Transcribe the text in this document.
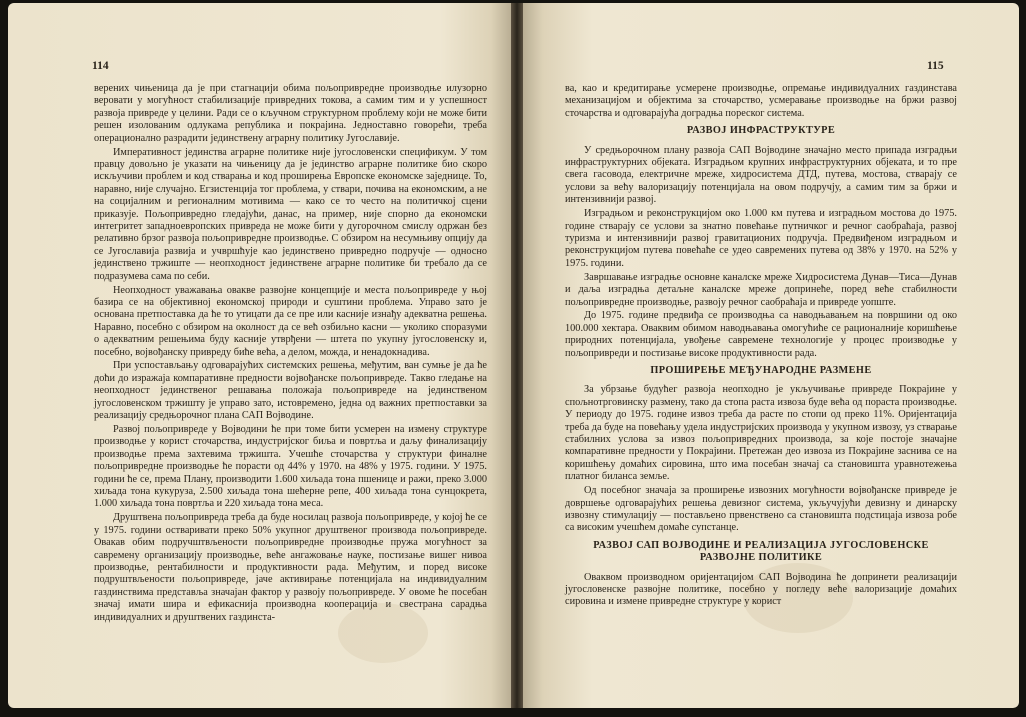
114

верених чињеница да је при стагнацији обима пољопривредне производње илузорно веровати у могућност стабилизације привредних токова, а самим тим и у успешност развоја привреде у целини. Ради се о кључном структурном проблему који не може бити решен изолованим одлукама република и покрајина. Једноставно говорећи, треба операционално разрадити јединствену аграрну политику Југославије.

Императивност јединства аграрне политике није југословенски спецификум. У том правцу довољно је указати на чињеницу да је јединство аграрне политике био скоро искључиви проблем и код стварања и код проширења Европске економске заједнице. То, наравно, није случајно. Егзистенција тог проблема, у ствари, почива на економским, а не на социјалним и регионалним мотивима — како се то често на политичкој сцени приказује. Пољопривредно гледајући, данас, на пример, није спорно да економски интегритет западноевропских привреда не може бити у дугорочном смислу одржан без релативно брзог развоја пољопривредне производње. С обзиром на несумњиву опцију да се Југославија развија и учвршћује као јединствено привредно подручје — односно јединствено тржиште — неопходност јединствене аграрне политике би требало да се подразумева сама по себи.

Неопходност уважавања овакве развојне концепције и места пољопривреде у њој базира се на објективној економској природи и суштини проблема. Управо зато је основана претпоставка да ће то утицати да се пре или касније изнађу адекватна решења. Наравно, посебно с обзиром на околност да се већ озбиљно касни — уколико споразуми о адекватним решењима буду касније утврђени — штета по укупну југословенску и, посебно, војвођанску привреду биће већа, а делом, можда, и ненадокнадива.

При успостављању одговарајућих системских решења, међутим, ван сумње је да ће доћи до изражаја компаративне предности војвођанске пољопривреде. Такво гледање на неопходност јединственог решавања положаја пољопривреде на јединственом југословенском тржишту је управо зато, истовремено, једна од важних претпоставки за реализацију средњорочног плана САП Војводине.

Развој пољопривреде у Војводини ће при томе бити усмерен на измену структуре производње у корист сточарства, индустријског биља и повртља и даљу финализацију производње према захтевима тржишта. Учешће сточарства у структури финалне пољопривредне производње ће порасти од 44% у 1970. на 48% у 1975. години. У 1975. години ће се, према Плану, производити 1.600 хиљада тона пшенице и ражи, преко 3.000 хиљада тона кукуруза, 2.500 хиљада тона шећерне репе, 400 хиљада тона сунцокрета, 1.000 хиљада тона повртља и 220 хиљада тона меса.

Друштвена пољопривреда треба да буде носилац развоја пољопривреде, у којој ће се у 1975. години остваривати преко 50% укупног друштвеног производа пољопривреде. Овакав обим подручштвљености пољопривредне производње пружа могућност за савремену организацију производње, веће ангажовање науке, постизање вишег нивоа производње, рентабилности и продуктивности рада. Међутим, и поред високе подруштвљености пољопривреде, јаче активирање потенцијала на индивидуалним газдинствима представља значајан фактор у развоју пољопривреде. У овоме ће посебан значај имати шира и ефикаснија производна кооперација и свестрана сарадња индивидуалних и друштвених газдинста-

115

ва, као и кредитирање усмерене производње, опремање индивидуалних газдинстава механизацијом и објектима за сточарство, усмеравање производње на бржи развој сточарства и одговарајућа доградња пореског система.

РАЗВОЈ ИНФРАСТРУКТУРЕ

У средњорочном плану развоја САП Војводине значајно место припада изградњи инфраструктурних објеката. Изградњом крупних инфраструктурних објеката, и то пре свега гасовода, електричне мреже, хидросистема ДТД, путева, мостова, стварају се услови за већу валоризацију потенцијала на овом подручју, а самим тим за бржи и интензивнији развој.

Изградњом и реконструкцијом око 1.000 км путева и изградњом мостова до 1975. године стварају се услови за знатно повећање путничког и речног саобраћаја, развој туризма и интензивнији развој гравитационих подручја. Предвиђеном изградњом и реконструкцијом путева повећаће се удео савремених путева од 38% у 1970. на 52% у 1975. години.

Завршавање изградње основне каналске мреже Хидросистема Дунав—Тиса—Дунав и даља изградња детаљне каналске мреже допринеће, поред веће стабилности пољопривредне производње, развоју речног саобраћаја и привреде уопште.

До 1975. године предвиђа се производња са наводњавањем на површини од око 100.000 хектара. Оваквим обимом наводњавања омогућиће се рационалније коришћење природних потенцијала, увођење савремене технологије у процес производње у пољопривреди и постизање високе продуктивности рада.

ПРОШИРЕЊЕ МЕЂУНАРОДНЕ РАЗМЕНЕ

За убрзање будућег развоја неопходно је укључивање привреде Покрајине у спољнотрговинску размену, тако да стопа раста извоза буде већа од пораста производње. У периоду до 1975. године извоз треба да расте по стопи од преко 11%. Оријентација треба да буде на повећању удела индустријских производа у укупном извозу, уз стварање стабилних услова за извоз пољопривредних производа, за које постоје значајне компаративне предности у Покрајини. Претежан део извоза из Покрајине заснива се на коришћењу домаћих сировина, што има посебан значај са становишта уравнотежења платног биланса земље.

Од посебног значаја за проширење извозних могућности војвођанске привреде је довршење одговарајућих решења девизног система, укључујући девизну и динарску извозну стимулацију — постављено првенствено са становишта подстицаја извоза робе са високим учешћем домаће супстанце.

РАЗВОЈ САП ВОЈВОДИНЕ И РЕАЛИЗАЦИЈА ЈУГОСЛОВЕНСКЕ РАЗВОЈНЕ ПОЛИТИКЕ

Оваквом производном оријентацијом САП Војводина ће допринети реализацији југословенске развојне политике, посебно у погледу веће валоризације домаћих сировина и измене привредне структуре у корист
